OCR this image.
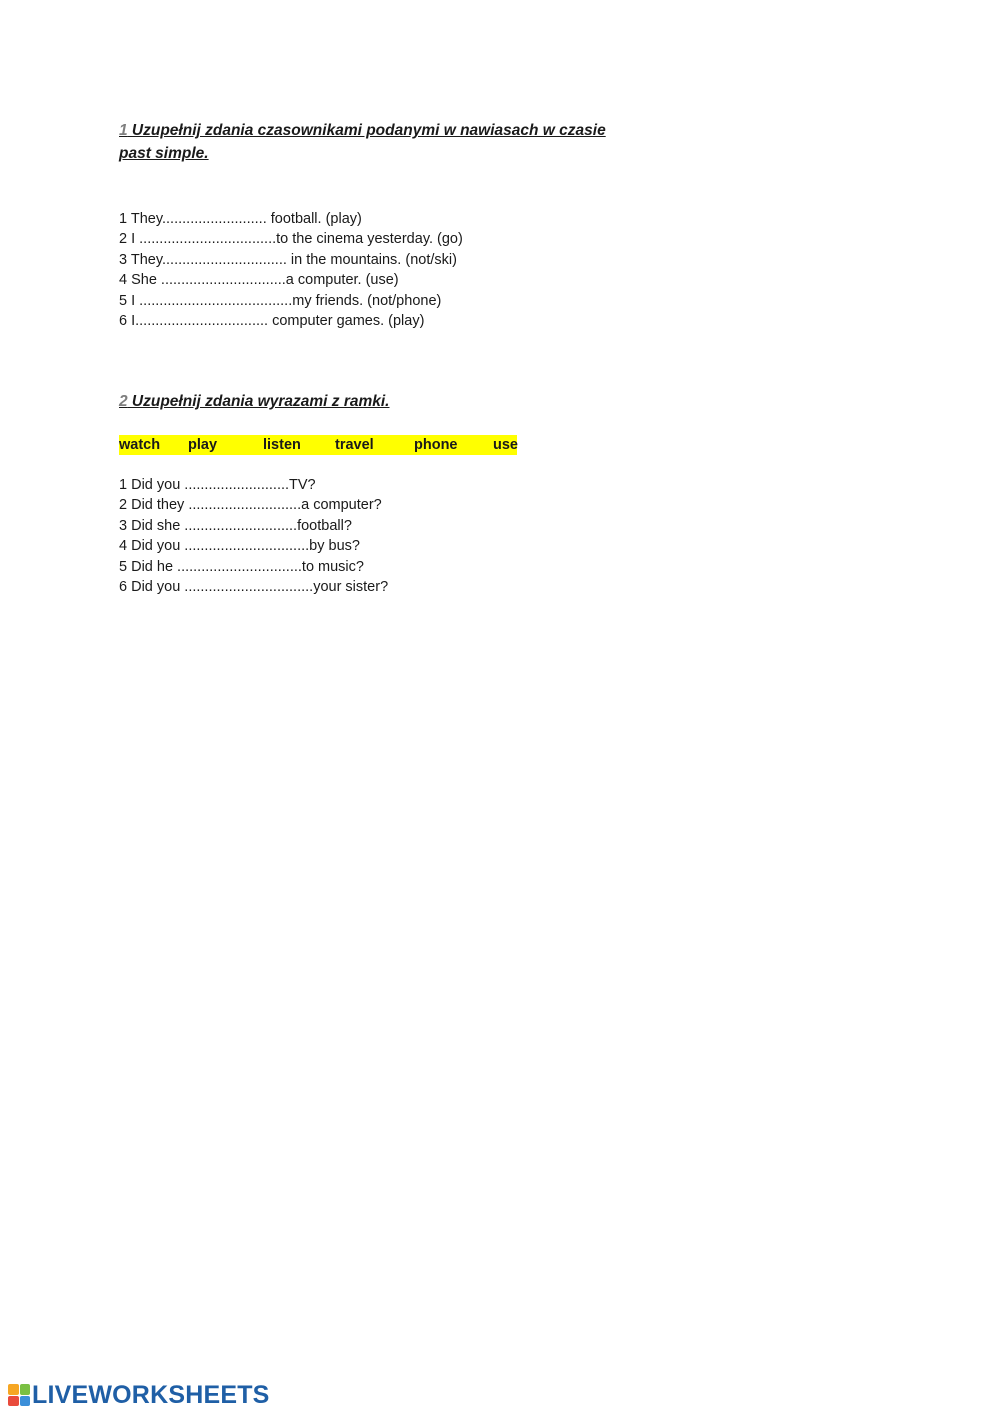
1 Uzupełnij zdania czasownikami podanymi w nawiasach w czasie
past simple.
1 They.......................... football. (play)
2 I ..................................to the cinema yesterday. (go)
3 They............................... in the mountains. (not/ski)
4 She ...............................a computer. (use)
5 I ......................................my friends. (not/phone)
6 I................................. computer games. (play)
2 Uzupełnij zdania wyrazami z ramki.
watch play	listen travel	phone use
1 Did you ..........................TV?
2 Did they ............................a computer?
3 Did she ............................football?
4 Did you ...............................by bus?
5 Did he ...............................to music?
6 Did you ................................your sister?
LIVEWORKSHEETS
